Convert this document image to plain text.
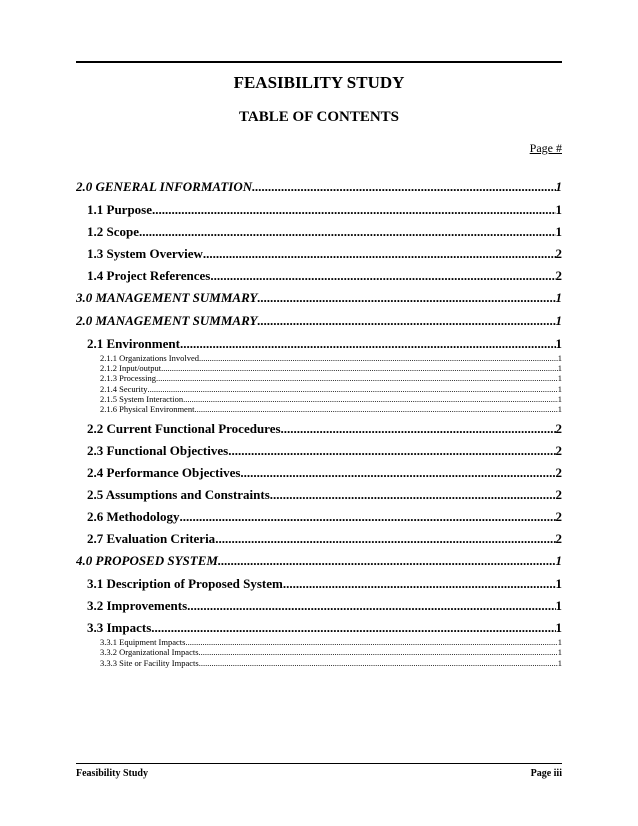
FEASIBILITY STUDY
TABLE OF CONTENTS
Page #
2.0 GENERAL INFORMATION .....	1
1.1 Purpose .....	1
1.2 Scope .....	1
1.3 System Overview .....	2
1.4 Project References .....	2
3.0 MANAGEMENT SUMMARY .....	1
2.0 MANAGEMENT SUMMARY .....	1
2.1 Environment .....	1
2.1.1 Organizations Involved .....	1
2.1.2 Input/output .....	1
2.1.3 Processing .....	1
2.1.4 Security .....	1
2.1.5 System Interaction .....	1
2.1.6 Physical Environment .....	1
2.2 Current Functional Procedures .....	2
2.3 Functional Objectives .....	2
2.4 Performance Objectives .....	2
2.5 Assumptions and Constraints .....	2
2.6 Methodology .....	2
2.7 Evaluation Criteria .....	2
4.0 PROPOSED SYSTEM .....	1
3.1 Description of Proposed System .....	1
3.2 Improvements .....	1
3.3 Impacts .....	1
3.3.1 Equipment Impacts .....	1
3.3.2 Organizational Impacts .....	1
3.3.3 Site or Facility Impacts .....	1
Feasibility Study	Page iii
